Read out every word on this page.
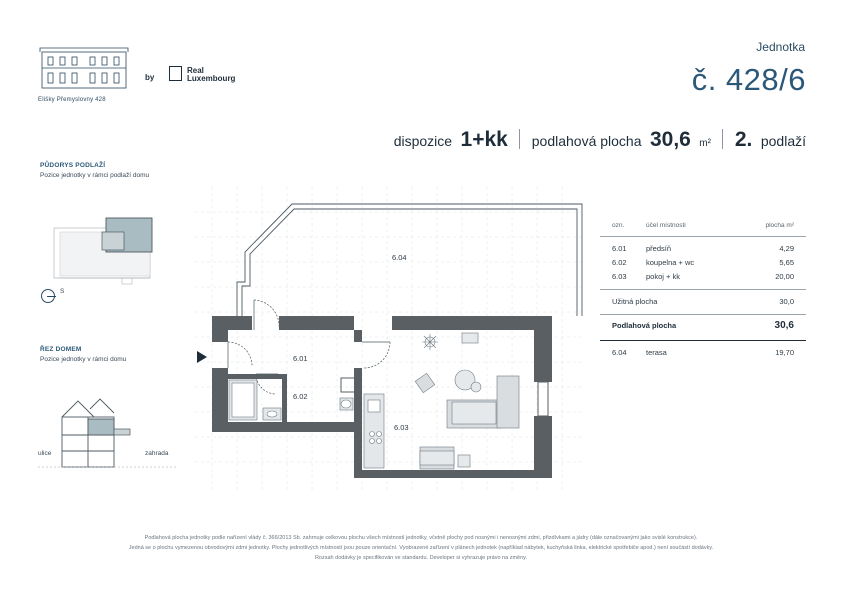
Elišky Přemyslovny 428
by
Real
Luxembourg
Jednotka
č. 428/6
dispozice 1+kk podlahová plocha 30,6 m² 2. podlaží
PŮDORYS PODLAŽÍ
Pozice jednotky v rámci podlaží domu
S
ŘEZ DOMEM
Pozice jednotky v rámci domu
ulice	zahrada
6.04
6.01
6.02
6.03
ozn.	účel místnosti	plocha m²
6.01	předsíň	4,29
6.02	koupelna + wc	5,65
6.03	pokoj + kk	20,00
Užitná plocha	30,0
Podlahová plocha	30,6
6.04	terasa	19,70
Podlahová plocha jednotky podle nařízení vlády č. 366/2013 Sb. zahrnuje celkovou plochu všech místností jednotky, včetně plochy pod nosnými i nenosnými zdmi, přizdívkami a jádry (dále označovanými jako svislé konstrukce).
Jedná se o plochu vymezenou obvodovými zdmi jednotky. Plochy jednotlivých místností jsou pouze orientační. Vyobrazené zařízení v plánech jednotek (například nábytek, kuchyňská linka, elektrické spotřebiče apod.) není součástí dodávky.
Rozsah dodávky je specifikován ve standardu. Developer si vyhrazuje právo na změny.
